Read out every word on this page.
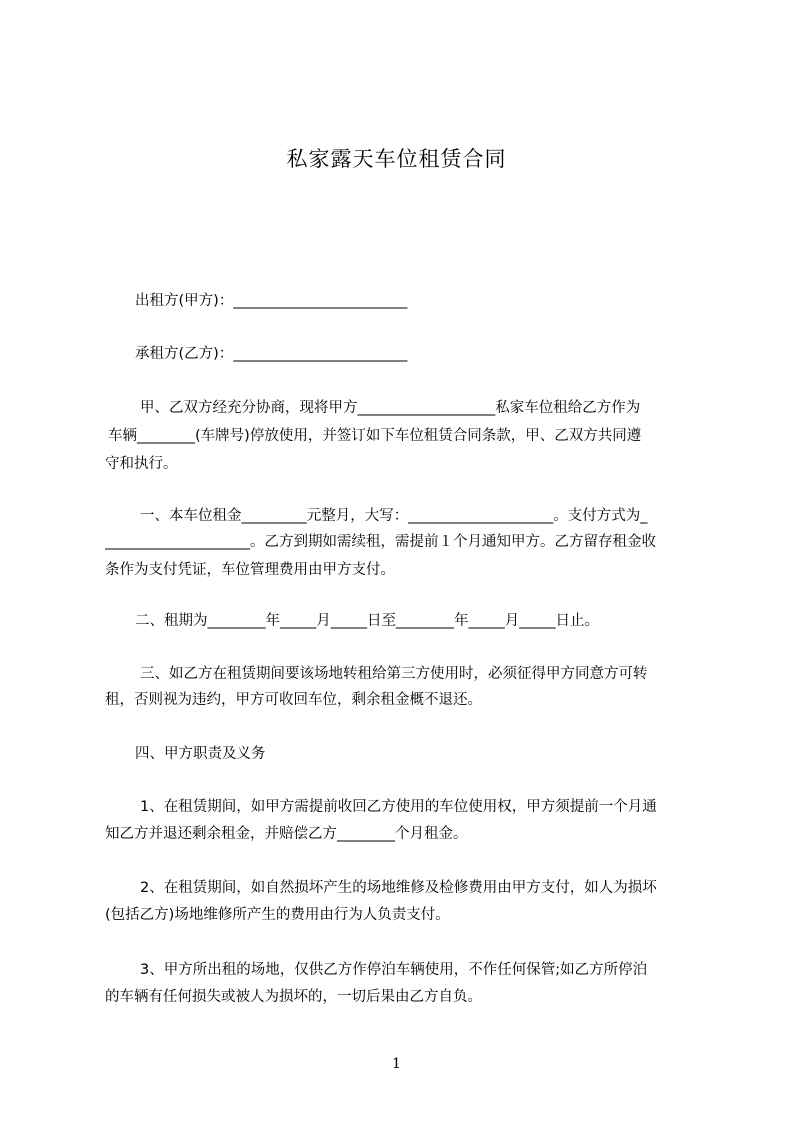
私家露天车位租赁合同
出租方(甲方)：________________________
承租方(乙方)：________________________
甲、乙双方经充分协商，现将甲方___________________私家车位租给乙方作为
车辆________(车牌号)停放使用，并签订如下车位租赁合同条款，甲、乙双方共同遵
守和执行。
一、本车位租金_________元整月，大写：____________________。支付方式为_
____________________。乙方到期如需续租，需提前１个月通知甲方。乙方留存租金收
条作为支付凭证，车位管理费用由甲方支付。
二、租期为________年_____月_____日至________年_____月_____日止。
三、如乙方在租赁期间要该场地转租给第三方使用时，必须征得甲方同意方可转
租，否则视为违约，甲方可收回车位，剩余租金概不退还。
四、甲方职责及义务
1、在租赁期间，如甲方需提前收回乙方使用的车位使用权，甲方须提前一个月通
知乙方并退还剩余租金，并赔偿乙方________个月租金。
2、在租赁期间，如自然损坏产生的场地维修及检修费用由甲方支付，如人为损坏
(包括乙方)场地维修所产生的费用由行为人负责支付。
3、甲方所出租的场地，仅供乙方作停泊车辆使用，不作任何保管;如乙方所停泊
的车辆有任何损失或被人为损坏的，一切后果由乙方自负。
1
